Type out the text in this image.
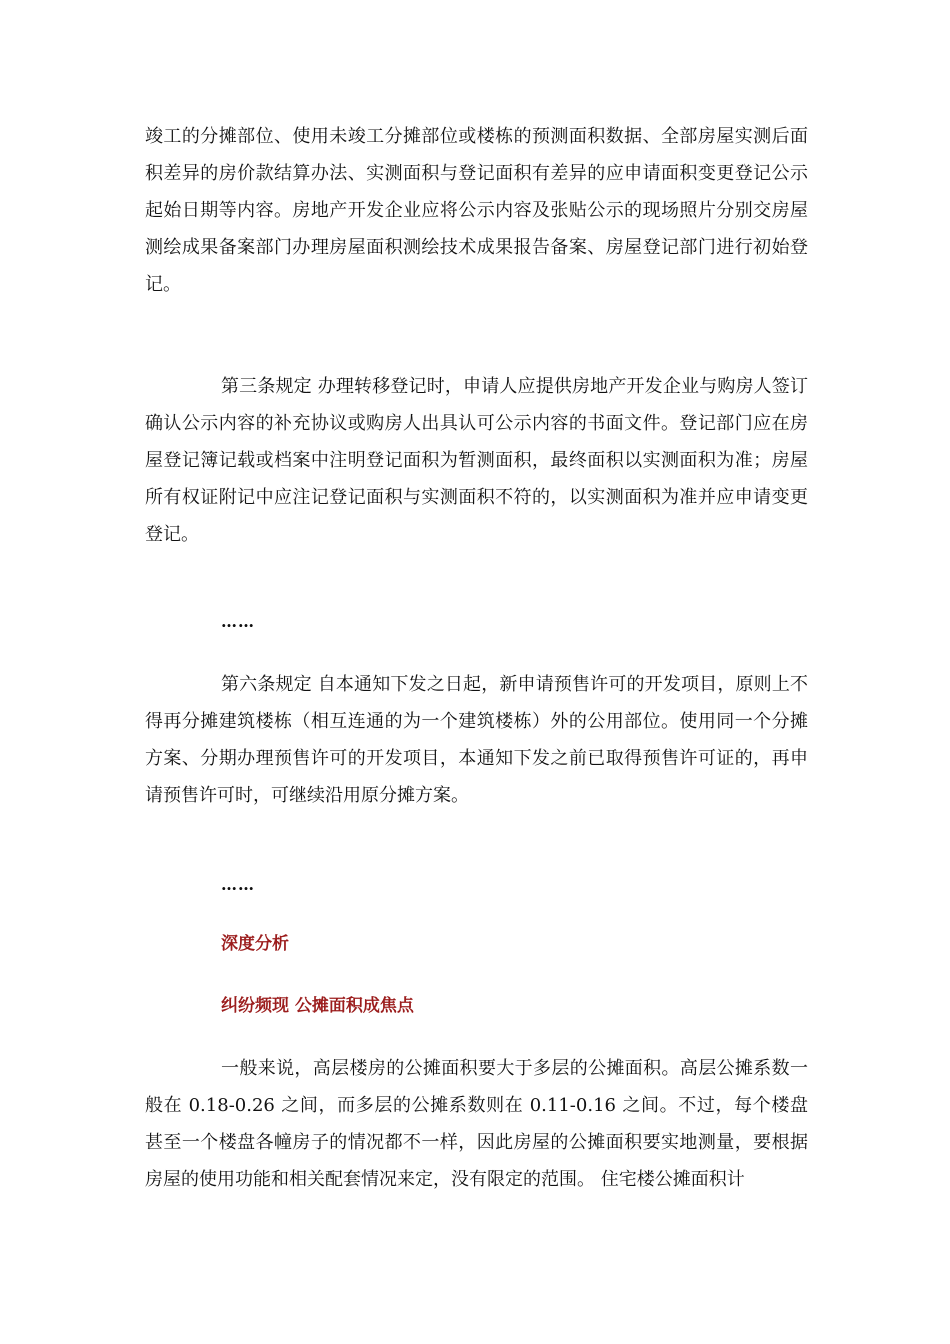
竣工的分摊部位、使用未竣工分摊部位或楼栋的预测面积数据、全部房屋实测后面积差异的房价款结算办法、实测面积与登记面积有差异的应申请面积变更登记公示起始日期等内容。房地产开发企业应将公示内容及张贴公示的现场照片分别交房屋测绘成果备案部门办理房屋面积测绘技术成果报告备案、房屋登记部门进行初始登记。

第三条规定 办理转移登记时，申请人应提供房地产开发企业与购房人签订确认公示内容的补充协议或购房人出具认可公示内容的书面文件。登记部门应在房屋登记簿记载或档案中注明登记面积为暂测面积，最终面积以实测面积为准；房屋所有权证附记中应注记登记面积与实测面积不符的，以实测面积为准并应申请变更登记。

……

第六条规定 自本通知下发之日起，新申请预售许可的开发项目，原则上不得再分摊建筑楼栋（相互连通的为一个建筑楼栋）外的公用部位。使用同一个分摊方案、分期办理预售许可的开发项目，本通知下发之前已取得预售许可证的，再申请预售许可时，可继续沿用原分摊方案。

……

深度分析

纠纷频现 公摊面积成焦点

一般来说，高层楼房的公摊面积要大于多层的公摊面积。高层公摊系数一般在 0.18-0.26 之间，而多层的公摊系数则在 0.11-0.16 之间。不过，每个楼盘甚至一个楼盘各幢房子的情况都不一样，因此房屋的公摊面积要实地测量，要根据房屋的使用功能和相关配套情况来定，没有限定的范围。 住宅楼公摊面积计
